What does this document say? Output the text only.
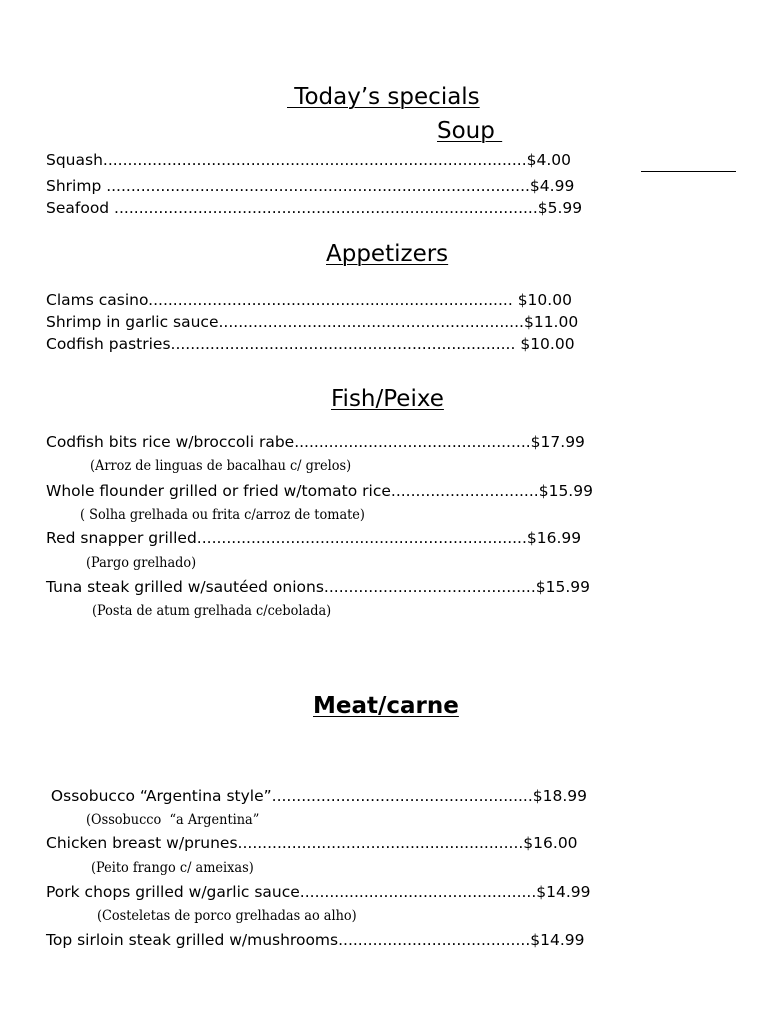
Today’s specials
Soup
Squash......................................................................................$4.00
Shrimp ......................................................................................$4.99
Seafood ......................................................................................$5.99
Appetizers
Clams casino.......................................................................... $10.00
Shrimp in garlic sauce..............................................................$11.00
Codfish pastries...................................................................... $10.00
Fish/Peixe
Codfish bits rice w/broccoli rabe................................................$17.99
(Arroz de linguas de bacalhau c/ grelos)
Whole flounder grilled or fried w/tomato rice..............................$15.99
( Solha grelhada ou frita c/arroz de tomate)
Red snapper grilled...................................................................$16.99
(Pargo grelhado)
Tuna steak grilled w/sautéed onions...........................................$15.99
(Posta de atum grelhada c/cebolada)
Meat/carne
Ossobucco “Argentina style”.....................................................$18.99
(Ossobucco  “a Argentina”
Chicken breast w/prunes..........................................................$16.00
(Peito frango c/ ameixas)
Pork chops grilled w/garlic sauce................................................$14.99
(Costeletas de porco grelhadas ao alho)
Top sirloin steak grilled w/mushrooms.......................................$14.99
